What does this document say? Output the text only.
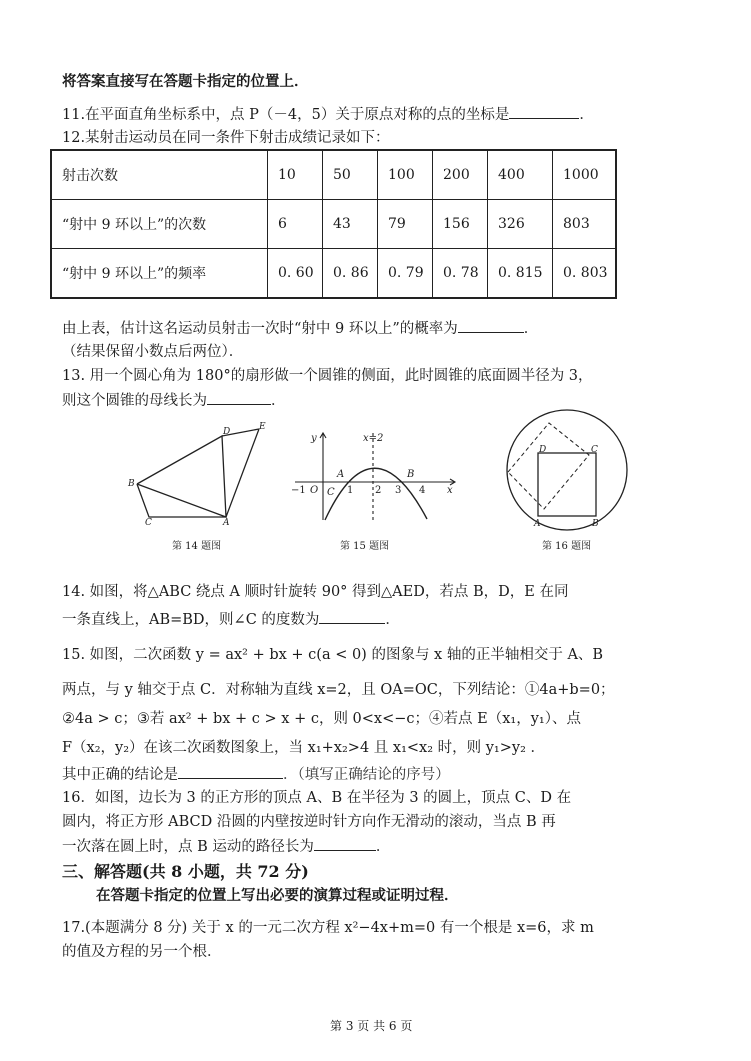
将答案直接写在答题卡指定的位置上．
11.在平面直角坐标系中，点 P（－4，5）关于原点对称的点的坐标是	．
12.某射击运动员在同一条件下射击成绩记录如下：
射击次数	10	50	100	200	400	1000
“射中 9 环以上”的次数	6	43	79	156	326	803
“射中 9 环以上”的频率	0. 60	0. 86	0. 79	0. 78	0. 815	0. 803
由上表，估计这名运动员射击一次时“射中 9 环以上”的概率为	．
（结果保留小数点后两位）．
13. 用一个圆心角为 180°的扇形做一个圆锥的侧面，此时圆锥的底面圆半径为 3，
则这个圆锥的母线长为	．
D	E
B
C	A
第 14 题图
y	x=2
A	B
O C
−1	1 2 3 4 x
第 15 题图
D	C
A	B
第 16 题图
14. 如图，将△ABC 绕点 A 顺时针旋转 90° 得到△AED，若点 B，D，E 在同
一条直线上，AB=BD，则∠C 的度数为	．
15. 如图，二次函数 y = ax² + bx + c(a < 0) 的图象与 x 轴的正半轴相交于 A、B
两点，与 y 轴交于点 C．对称轴为直线 x=2，且 OA=OC，下列结论：①4a+b=0；
②4a > c；③若 ax² + bx + c > x + c，则 0<x<−c；④若点 E（x₁，y₁）、点
F（x₂，y₂）在该二次函数图象上，当 x₁+x₂>4 且 x₁<x₂ 时，则 y₁>y₂ ．
其中正确的结论是	．（填写正确结论的序号）
16．如图，边长为 3 的正方形的顶点 A、B 在半径为 3 的圆上，顶点 C、D 在
圆内，将正方形 ABCD 沿圆的内壁按逆时针方向作无滑动的滚动，当点 B 再
一次落在圆上时，点 B 运动的路径长为	．
三、解答题(共 8 小题，共 72 分)
在答题卡指定的位置上写出必要的演算过程或证明过程．
17.(本题满分 8 分) 关于 x 的一元二次方程 x²−4x+m=0 有一个根是 x=6，求 m
的值及方程的另一个根．
第 3 页 共 6 页
